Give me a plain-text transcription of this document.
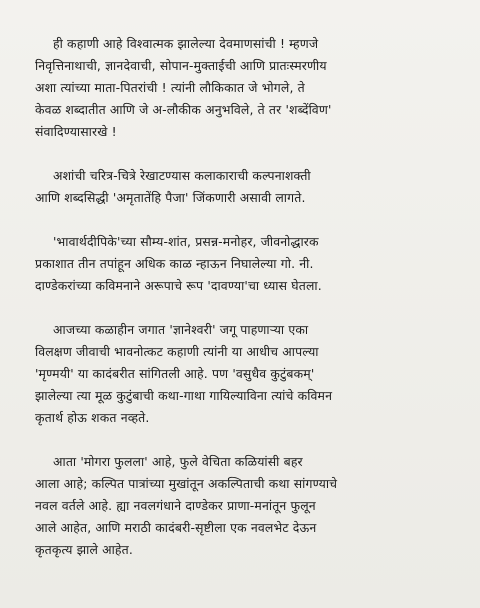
ही कहाणी आहे विश्वात्मक झालेल्या देवमाणसांची ! म्हणजे
निवृत्तिनाथाची, ज्ञानदेवाची, सोपान-मुक्ताईची आणि प्रातःस्मरणीय
अशा त्यांच्या माता-पितरांची ! त्यांनी लौकिकात जे भोगले, ते
केवळ शब्दातीत आणि जे अ-लौकीक अनुभविले, ते तर 'शब्देंविण'
संवादिण्यासारखे !

अशांची चरित्र-चित्रे रेखाटण्यास कलाकाराची कल्पनाशक्ती
आणि शब्दसिद्धी 'अमृतातेंहि पैजा' जिंकणारी असावी लागते.

'भावार्थदीपिके'च्या सौम्य-शांत, प्रसन्न-मनोहर, जीवनोद्धारक
प्रकाशात तीन तपांहून अधिक काळ न्हाऊन निघालेल्या गो. नी.
दाण्डेकरांच्या कविमनाने अरूपाचे रूप 'दावण्या'चा ध्यास घेतला.

आजच्या कळाहीन जगात 'ज्ञानेश्वरी' जगू पाहणाऱ्या एका
विलक्षण जीवाची भावनोत्कट कहाणी त्यांनी या आधीच आपल्या
'मृण्मयी' या कादंबरीत सांगितली आहे. पण 'वसुधैव कुटुंबकम्'
झालेल्या त्या मूळ कुटुंबाची कथा-गाथा गायिल्याविना त्यांचे कविमन
कृतार्थ होऊ शकत नव्हते.

आता 'मोगरा फुलला' आहे, फुले वेचिता कळियांसी बहर
आला आहे; कल्पित पात्रांच्या मुखांतून अकल्पिताची कथा सांगण्याचे
नवल वर्तले आहे. ह्या नवलगंधाने दाण्डेकर प्राणा-मनांतून फुलून
आले आहेत, आणि मराठी कादंबरी-सृष्टीला एक नवलभेट देऊन
कृतकृत्य झाले आहेत.
